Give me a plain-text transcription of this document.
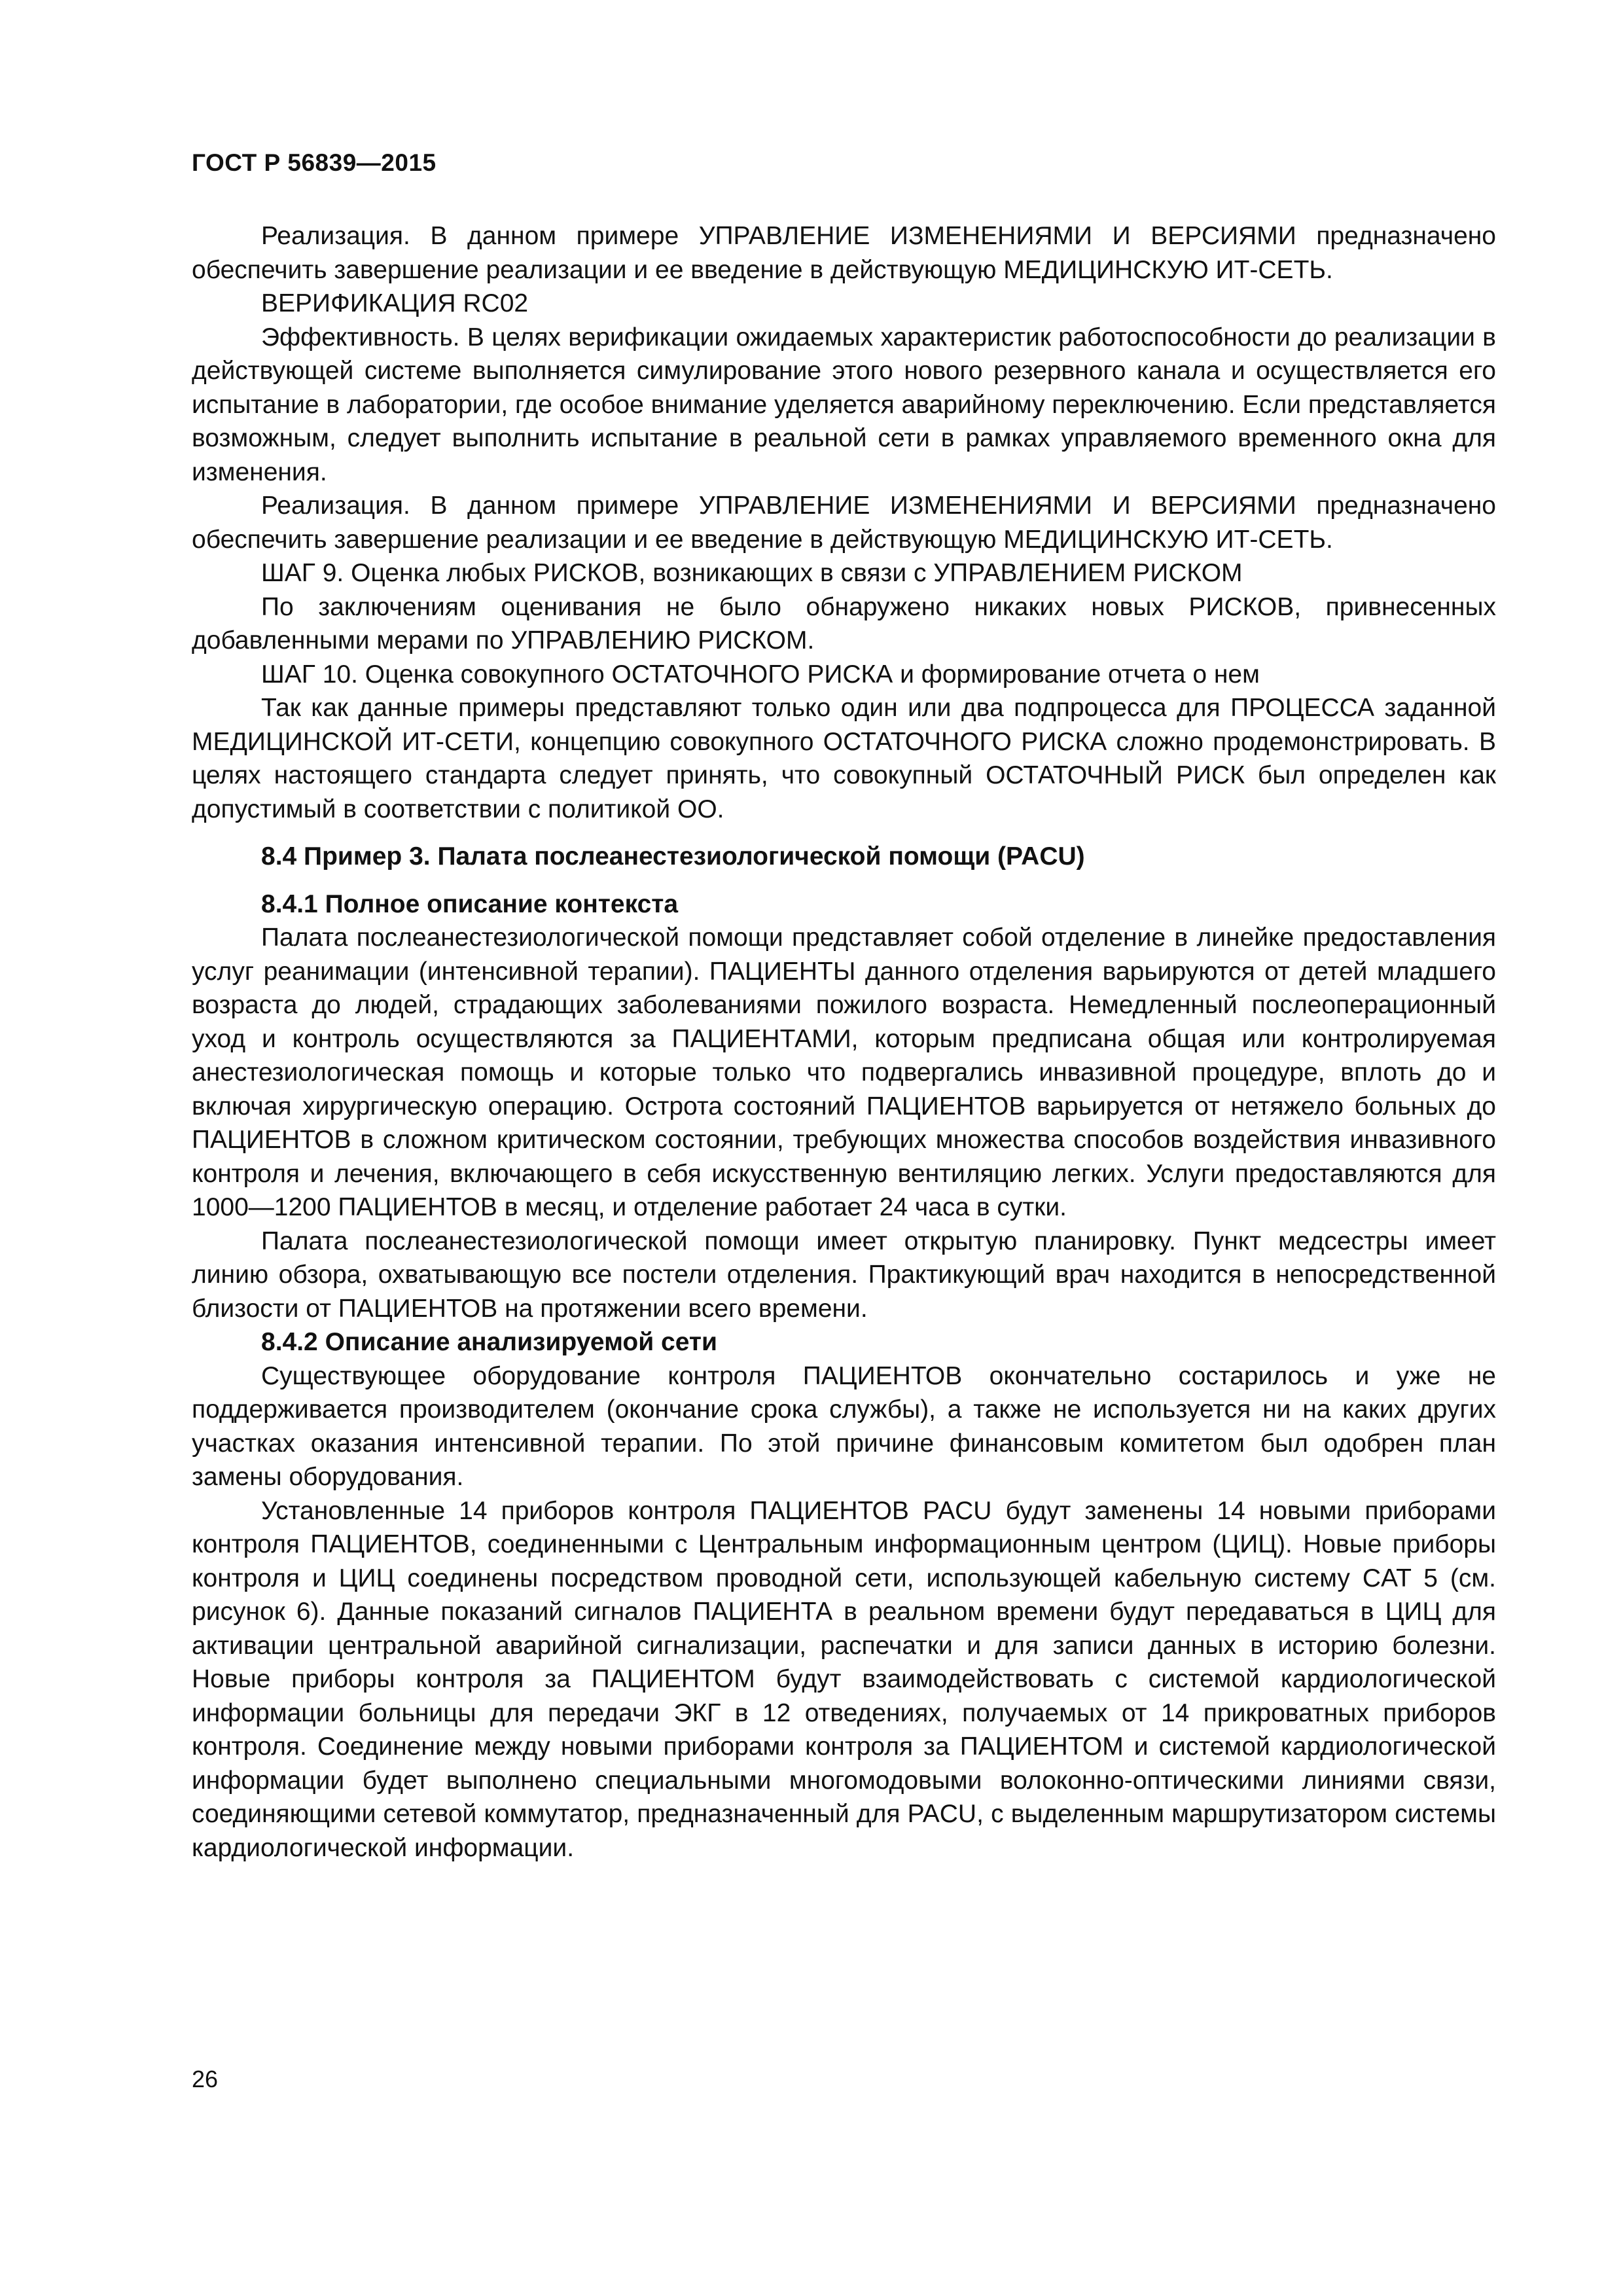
ГОСТ Р 56839—2015

Реализация. В данном примере УПРАВЛЕНИЕ ИЗМЕНЕНИЯМИ И ВЕРСИЯМИ предназначено обеспечить завершение реализации и ее введение в действующую МЕДИЦИНСКУЮ ИТ-СЕТЬ.

ВЕРИФИКАЦИЯ RC02

Эффективность. В целях верификации ожидаемых характеристик работоспособности до реализации в действующей системе выполняется симулирование этого нового резервного канала и осуществляется его испытание в лаборатории, где особое внимание уделяется аварийному переключению. Если представляется возможным, следует выполнить испытание в реальной сети в рамках управляемого временного окна для изменения.

Реализация. В данном примере УПРАВЛЕНИЕ ИЗМЕНЕНИЯМИ И ВЕРСИЯМИ предназначено обеспечить завершение реализации и ее введение в действующую МЕДИЦИНСКУЮ ИТ-СЕТЬ.

ШАГ 9. Оценка любых РИСКОВ, возникающих в связи с УПРАВЛЕНИЕМ РИСКОМ

По заключениям оценивания не было обнаружено никаких новых РИСКОВ, привнесенных добавленными мерами по УПРАВЛЕНИЮ РИСКОМ.

ШАГ 10. Оценка совокупного ОСТАТОЧНОГО РИСКА и формирование отчета о нем

Так как данные примеры представляют только один или два подпроцесса для ПРОЦЕССА заданной МЕДИЦИНСКОЙ ИТ-СЕТИ, концепцию совокупного ОСТАТОЧНОГО РИСКА сложно продемонстрировать. В целях настоящего стандарта следует принять, что совокупный ОСТАТОЧНЫЙ РИСК был определен как допустимый в соответствии с политикой ОО.

8.4 Пример 3. Палата послеанестезиологической помощи (PACU)
8.4.1 Полное описание контекста

Палата послеанестезиологической помощи представляет собой отделение в линейке предоставления услуг реанимации (интенсивной терапии). ПАЦИЕНТЫ данного отделения варьируются от детей младшего возраста до людей, страдающих заболеваниями пожилого возраста. Немедленный послеоперационный уход и контроль осуществляются за ПАЦИЕНТАМИ, которым предписана общая или контролируемая анестезиологическая помощь и которые только что подвергались инвазивной процедуре, вплоть до и включая хирургическую операцию. Острота состояний ПАЦИЕНТОВ варьируется от нетяжело больных до ПАЦИЕНТОВ в сложном критическом состоянии, требующих множества способов воздействия инвазивного контроля и лечения, включающего в себя искусственную вентиляцию легких. Услуги предоставляются для 1000—1200 ПАЦИЕНТОВ в месяц, и отделение работает 24 часа в сутки.

Палата послеанестезиологической помощи имеет открытую планировку. Пункт медсестры имеет линию обзора, охватывающую все постели отделения. Практикующий врач находится в непосредственной близости от ПАЦИЕНТОВ на протяжении всего времени.

8.4.2 Описание анализируемой сети

Существующее оборудование контроля ПАЦИЕНТОВ окончательно состарилось и уже не поддерживается производителем (окончание срока службы), а также не используется ни на каких других участках оказания интенсивной терапии. По этой причине финансовым комитетом был одобрен план замены оборудования.

Установленные 14 приборов контроля ПАЦИЕНТОВ PACU будут заменены 14 новыми приборами контроля ПАЦИЕНТОВ, соединенными с Центральным информационным центром (ЦИЦ). Новые приборы контроля и ЦИЦ соединены посредством проводной сети, использующей кабельную систему CAT 5 (см. рисунок 6). Данные показаний сигналов ПАЦИЕНТА в реальном времени будут передаваться в ЦИЦ для активации центральной аварийной сигнализации, распечатки и для записи данных в историю болезни. Новые приборы контроля за ПАЦИЕНТОМ будут взаимодействовать с системой кардиологической информации больницы для передачи ЭКГ в 12 отведениях, получаемых от 14 прикроватных приборов контроля. Соединение между новыми приборами контроля за ПАЦИЕНТОМ и системой кардиологической информации будет выполнено специальными многомодовыми волоконно-оптическими линиями связи, соединяющими сетевой коммутатор, предназначенный для PACU, с выделенным маршрутизатором системы кардиологической информации.

26
